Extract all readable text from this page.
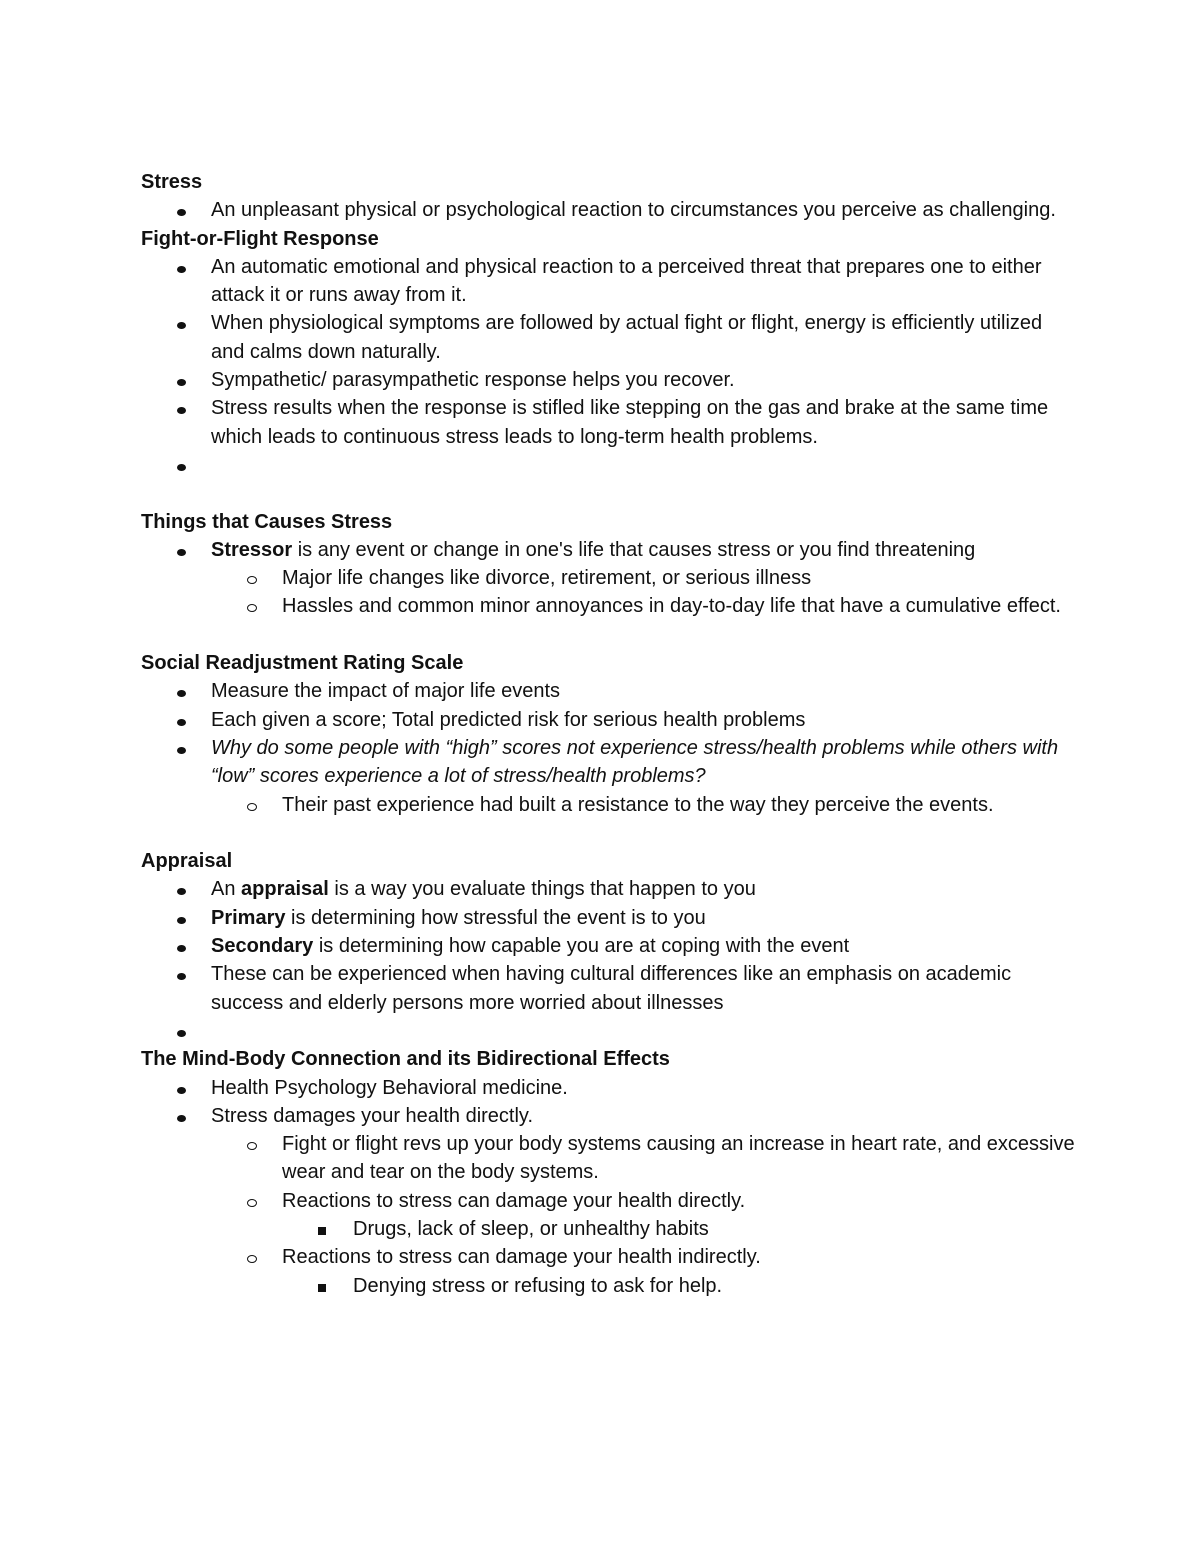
Stress

An unpleasant physical or psychological reaction to circumstances you perceive as challenging.

Fight-or-Flight Response

An automatic emotional and physical reaction to a perceived threat that prepares one to either attack it or runs away from it.
When physiological symptoms are followed by actual fight or flight, energy is efficiently utilized and calms down naturally.
Sympathetic/ parasympathetic response helps you recover.
Stress results when the response is stifled like stepping on the gas and brake at the same time which leads to continuous stress leads to long-term health problems.

Things that Causes Stress

Stressor is any event or change in one's life that causes stress or you find threatening
Major life changes like divorce, retirement, or serious illness
Hassles and common minor annoyances in day-to-day life that have a cumulative effect.

Social Readjustment Rating Scale

Measure the impact of major life events
Each given a score; Total predicted risk for serious health problems
Why do some people with “high” scores not experience stress/health problems while others with “low” scores experience a lot of stress/health problems?
Their past experience had built a resistance to the way they perceive the events.

Appraisal

An appraisal is a way you evaluate things that happen to you
Primary is determining how stressful the event is to you
Secondary is determining how capable you are at coping with the event
These can be experienced when having cultural differences like an emphasis on academic success and elderly persons more worried about illnesses

The Mind-Body Connection and its Bidirectional Effects

Health Psychology Behavioral medicine.
Stress damages your health directly.
Fight or flight revs up your body systems causing an increase in heart rate, and excessive wear and tear on the body systems.
Reactions to stress can damage your health directly.
Drugs, lack of sleep, or unhealthy habits
Reactions to stress can damage your health indirectly.
Denying stress or refusing to ask for help.
